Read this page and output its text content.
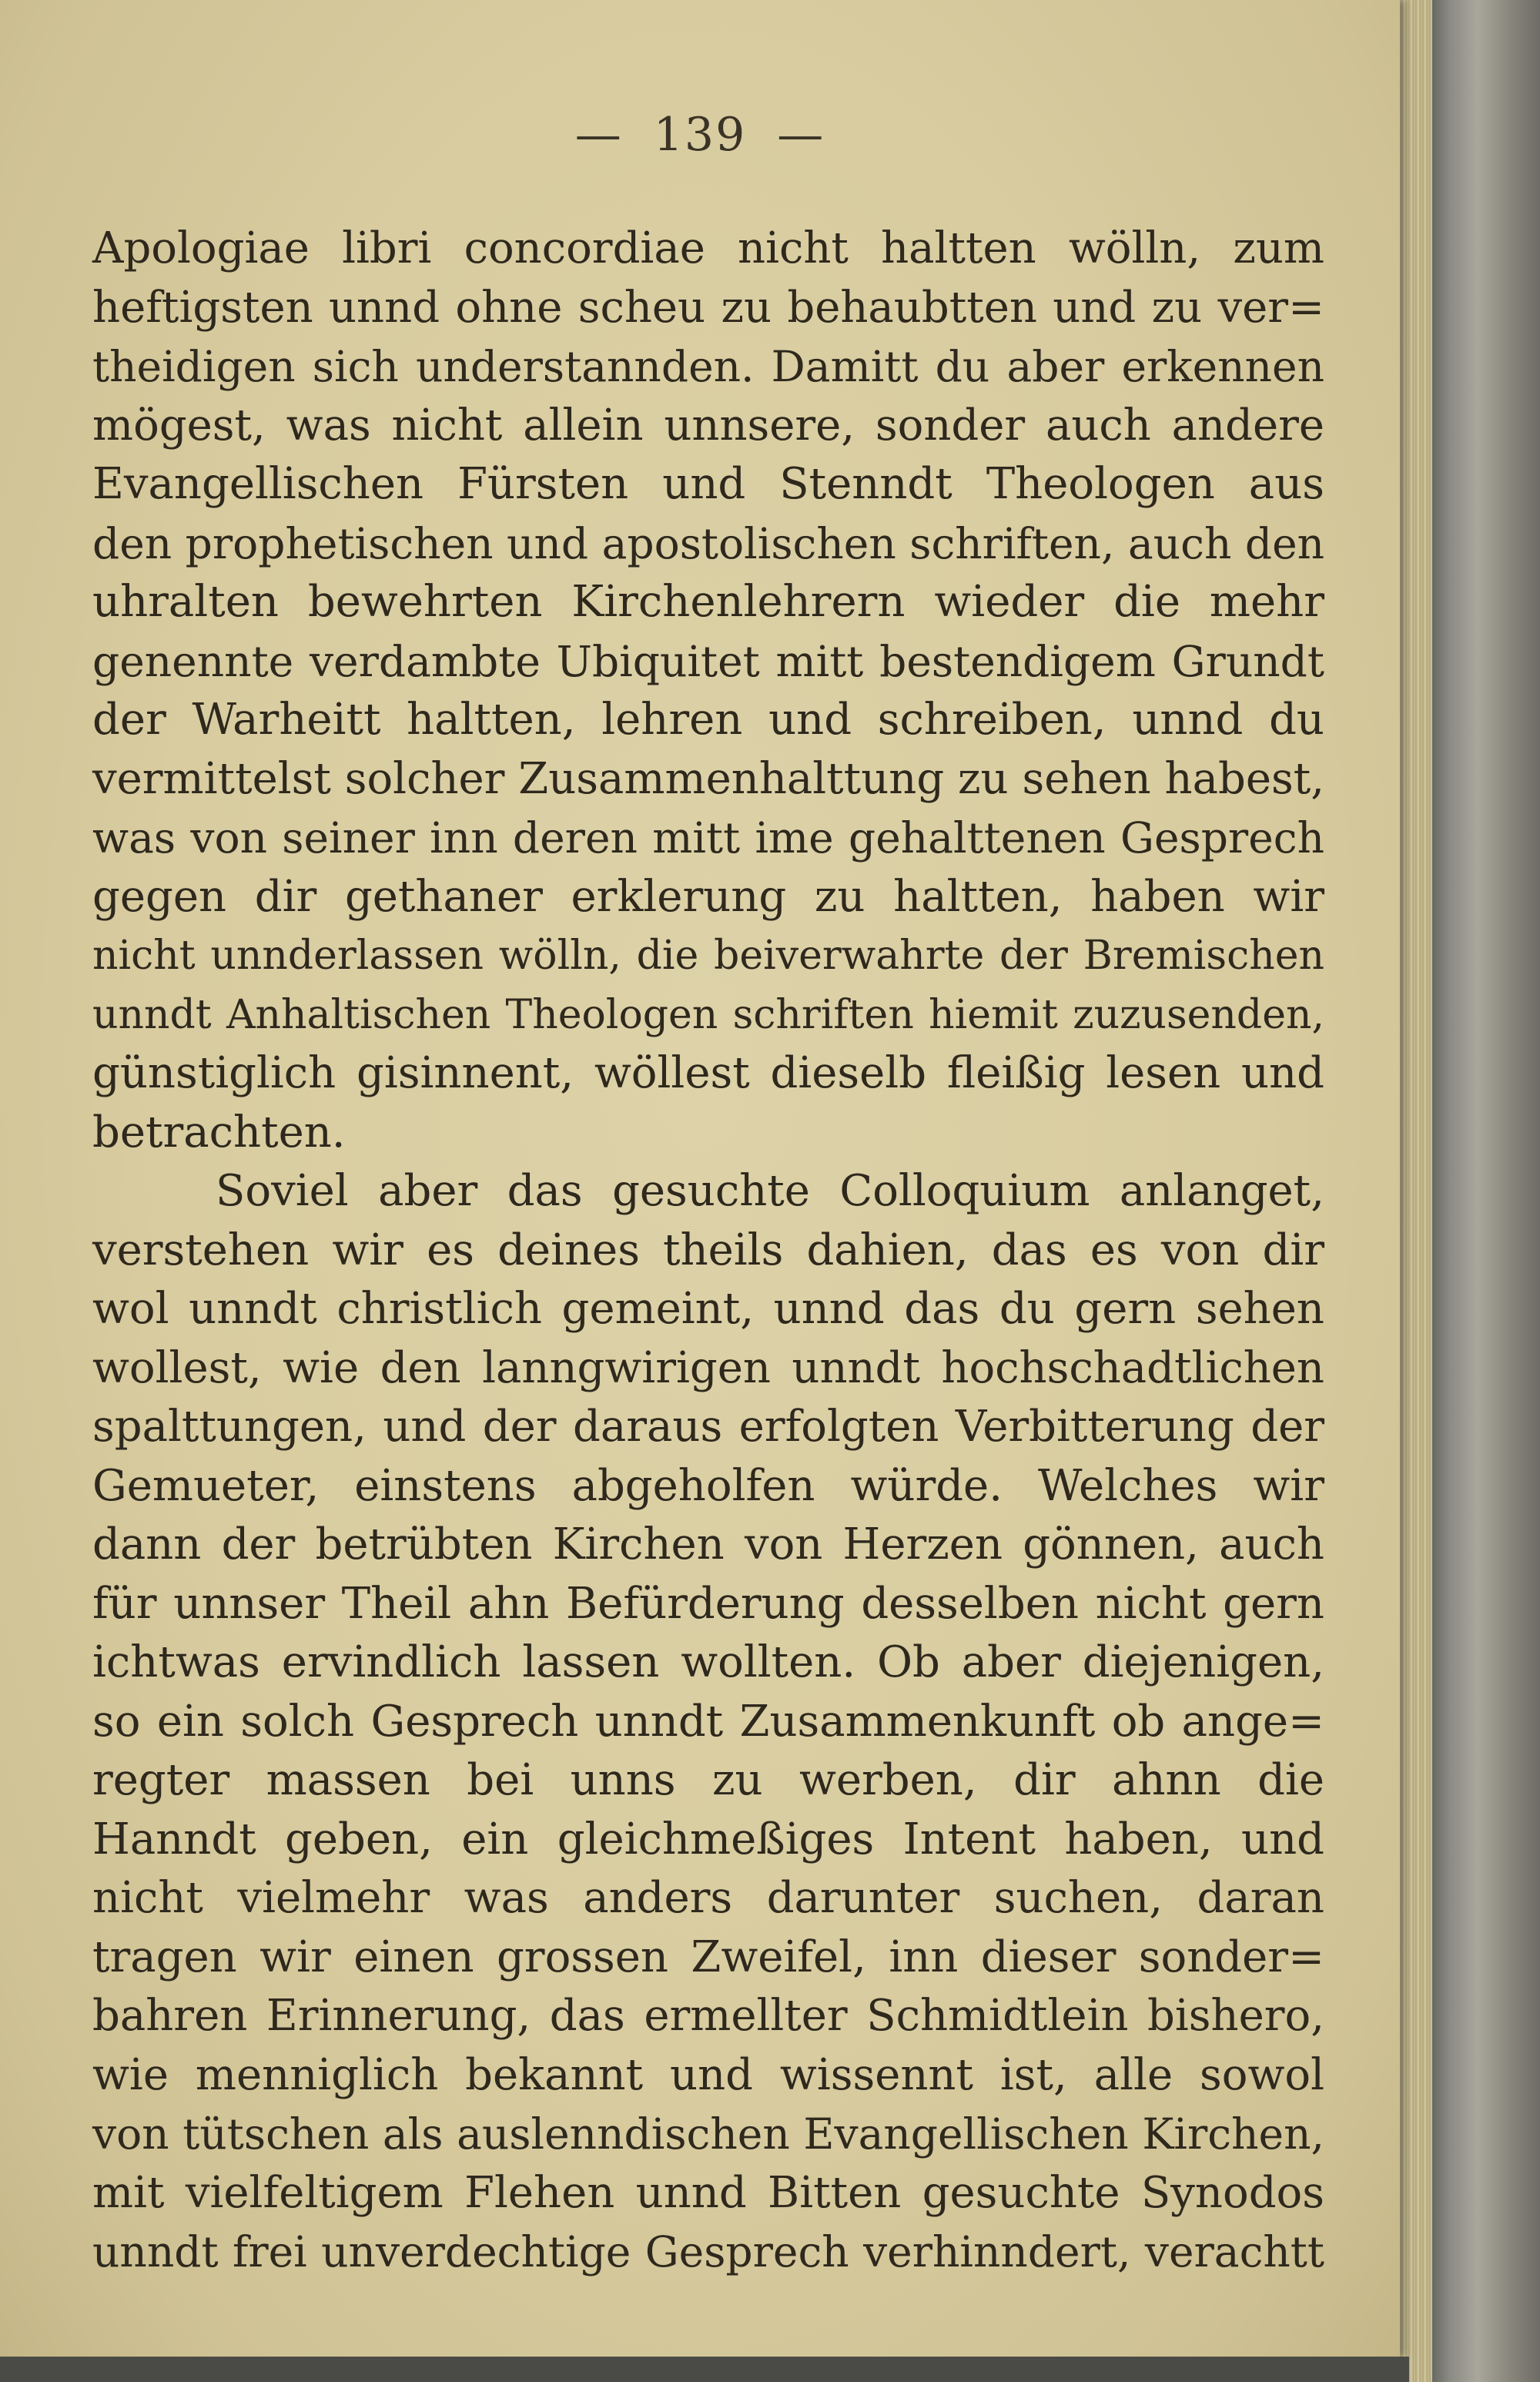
— 139 —
Apologiae libri concordiae nicht haltten wölln, zum
heftigsten unnd ohne scheu zu behaubtten und zu ver=
theidigen sich understannden. Damitt du aber erkennen
mögest, was nicht allein unnsere, sonder auch andere
Evangellischen Fürsten und Stenndt Theologen aus
den prophetischen und apostolischen schriften, auch den
uhralten bewehrten Kirchenlehrern wieder die mehr
genennte verdambte Ubiquitet mitt bestendigem Grundt
der Warheitt haltten, lehren und schreiben, unnd du
vermittelst solcher Zusammenhalttung zu sehen habest,
was von seiner inn deren mitt ime gehalttenen Gesprech
gegen dir gethaner erklerung zu haltten, haben wir
nicht unnderlassen wölln, die beiverwahrte der Bremischen
unndt Anhaltischen Theologen schriften hiemit zuzusenden,
günstiglich gisinnent, wöllest dieselb fleißig lesen und
betrachten.
Soviel aber das gesuchte Colloquium anlanget,
verstehen wir es deines theils dahien, das es von dir
wol unndt christlich gemeint, unnd das du gern sehen
wollest, wie den lanngwirigen unndt hochschadtlichen
spalttungen, und der daraus erfolgten Verbitterung der
Gemueter, einstens abgeholfen würde. Welches wir
dann der betrübten Kirchen von Herzen gönnen, auch
für unnser Theil ahn Befürderung desselben nicht gern
ichtwas ervindlich lassen wollten. Ob aber diejenigen,
so ein solch Gesprech unndt Zusammenkunft ob ange=
regter massen bei unns zu werben, dir ahnn die
Hanndt geben, ein gleichmeßiges Intent haben, und
nicht vielmehr was anders darunter suchen, daran
tragen wir einen grossen Zweifel, inn dieser sonder=
bahren Erinnerung, das ermellter Schmidtlein bishero,
wie menniglich bekannt und wissennt ist, alle sowol
von tütschen als auslenndischen Evangellischen Kirchen,
mit vielfeltigem Flehen unnd Bitten gesuchte Synodos
unndt frei unverdechtige Gesprech verhinndert, verachtt
